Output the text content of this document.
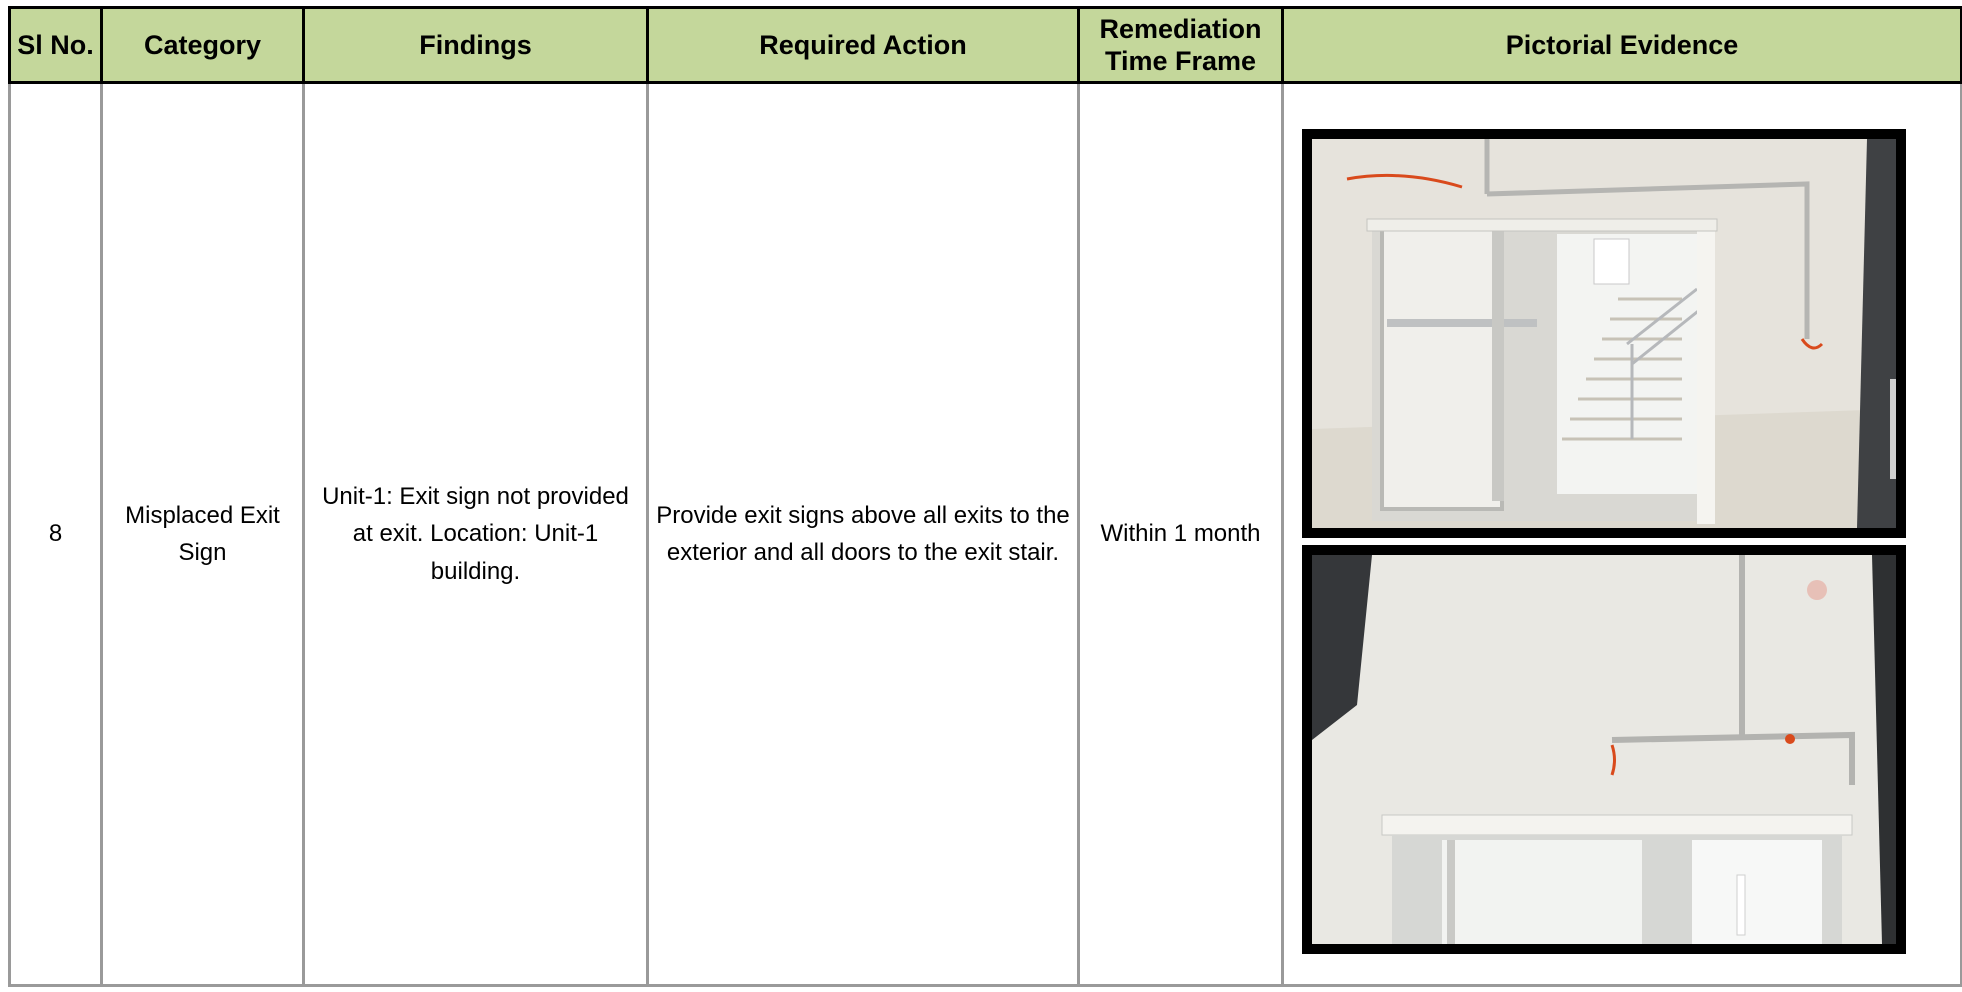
Sl No.	Category	Findings	Required Action	Remediation Time Frame	Pictorial Evidence
8	Misplaced Exit Sign	Unit-1: Exit sign not provided at exit. Location: Unit-1 building.	Provide exit signs above all exits to the exterior and all doors to the exit stair.	Within 1 month	
